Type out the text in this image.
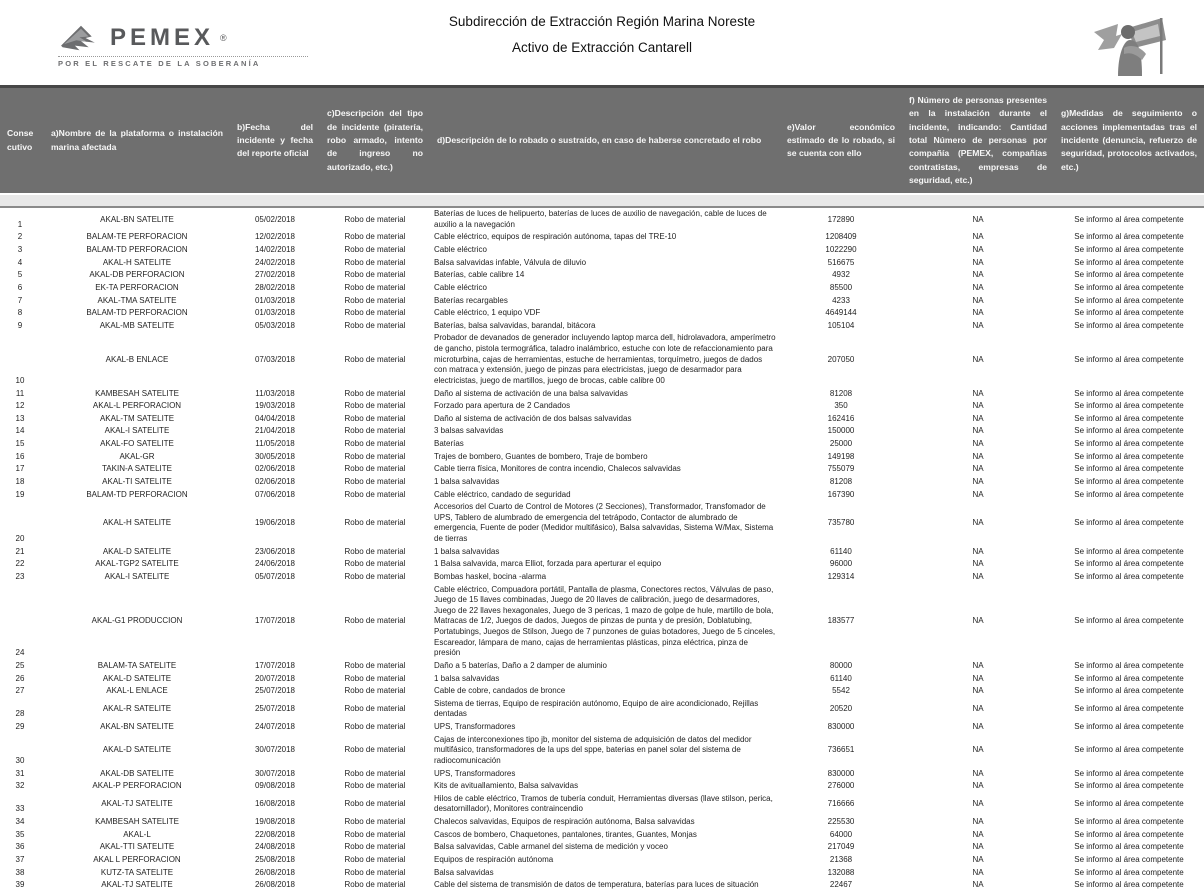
PEMEX ®
POR EL RESCATE DE LA SOBERANÍA
Subdirección de Extracción Región Marina Noreste
Activo de Extracción Cantarell
Consecutivo	a)Nombre de la plataforma o instalación marina afectada	b)Fecha del incidente y fecha del reporte oficial	c)Descripción del tipo de incidente (piratería, robo armado, intento de ingreso no autorizado, etc.)	d)Descripción de lo robado o sustraído, en caso de haberse concretado el robo	e)Valor económico estimado de lo robado, si se cuenta con ello	f) Número de personas presentes en la instalación durante el incidente, indicando: Cantidad total Número de personas por compañía (PEMEX, compañías contratistas, empresas de seguridad, etc.)	g)Medidas de seguimiento o acciones implementadas tras el incidente (denuncia, refuerzo de seguridad, protocolos activados, etc.)

1	AKAL-BN SATELITE	05/02/2018	Robo de material	Baterías de luces de helipuerto, baterías de luces de auxilio de navegación, cable de luces de auxilio a la navegación	172890	NA	Se informo al área competente
2	BALAM-TE PERFORACION	12/02/2018	Robo de material	Cable eléctrico, equipos de respiración autónoma, tapas del TRE-10	1208409	NA	Se informo al área competente
3	BALAM-TD PERFORACION	14/02/2018	Robo de material	Cable eléctrico	1022290	NA	Se informo al área competente
4	AKAL-H SATELITE	24/02/2018	Robo de material	Balsa salvavidas infable, Válvula de diluvio	516675	NA	Se informo al área competente
5	AKAL-DB PERFORACION	27/02/2018	Robo de material	Baterías, cable calibre 14	4932	NA	Se informo al área competente
6	EK-TA PERFORACION	28/02/2018	Robo de material	Cable eléctrico	85500	NA	Se informo al área competente
7	AKAL-TMA SATELITE	01/03/2018	Robo de material	Baterías recargables	4233	NA	Se informo al área competente
8	BALAM-TD PERFORACION	01/03/2018	Robo de material	Cable eléctrico, 1 equipo VDF	4649144	NA	Se informo al área competente
9	AKAL-MB SATELITE	05/03/2018	Robo de material	Baterías, balsa salvavidas, barandal, bitácora	105104	NA	Se informo al área competente
10	AKAL-B ENLACE	07/03/2018	Robo de material	Probador de devanados de generador incluyendo laptop marca dell, hidrolavadora, amperímetro de gancho, pistola termográfica, taladro inalámbrico, estuche con lote de refaccionamiento para microturbina, cajas de herramientas, estuche de herramientas, torquímetro, juegos de dados con matraca y extensión, juego de pinzas para electricistas, juego de desarmador para electricistas, juego de martillos, juego de brocas, cable calibre 00	207050	NA	Se informo al área competente
11	KAMBESAH SATELITE	11/03/2018	Robo de material	Daño al sistema de activación de una balsa salvavidas	81208	NA	Se informo al área competente
12	AKAL-L PERFORACION	19/03/2018	Robo de material	Forzado para apertura de 2 Candados	350	NA	Se informo al área competente
13	AKAL-TM SATELITE	04/04/2018	Robo de material	Daño al sistema de activación de dos balsas salvavidas	162416	NA	Se informo al área competente
14	AKAL-I SATELITE	21/04/2018	Robo de material	3 balsas salvavidas	150000	NA	Se informo al área competente
15	AKAL-FO SATELITE	11/05/2018	Robo de material	Baterías	25000	NA	Se informo al área competente
16	AKAL-GR	30/05/2018	Robo de material	Trajes de bombero, Guantes de bombero, Traje de bombero	149198	NA	Se informo al área competente
17	TAKIN-A SATELITE	02/06/2018	Robo de material	Cable tierra física, Monitores de contra incendio, Chalecos salvavidas	755079	NA	Se informo al área competente
18	AKAL-TI SATELITE	02/06/2018	Robo de material	1 balsa salvavidas	81208	NA	Se informo al área competente
19	BALAM-TD PERFORACION	07/06/2018	Robo de material	Cable eléctrico, candado de seguridad	167390	NA	Se informo al área competente
20	AKAL-H SATELITE	19/06/2018	Robo de material	Accesorios del Cuarto de Control de Motores (2 Secciones), Transformador, Transfomador de UPS, Tablero de alumbrado de emergencia del tetrápodo, Contactor de alumbrado de emergencia, Fuente de poder (Medidor multifásico), Balsa salvavidas, Sistema W/Max, Sistema de tierras	735780	NA	Se informo al área competente
21	AKAL-D SATELITE	23/06/2018	Robo de material	1 balsa salvavidas	61140	NA	Se informo al área competente
22	AKAL-TGP2 SATELITE	24/06/2018	Robo de material	1 Balsa salvavida, marca Elliot, forzada para aperturar el equipo	96000	NA	Se informo al área competente
23	AKAL-I SATELITE	05/07/2018	Robo de material	Bombas haskel, bocina -alarma	129314	NA	Se informo al área competente
24	AKAL-G1 PRODUCCION	17/07/2018	Robo de material	Cable eléctrico, Compuadora portátil, Pantalla de plasma, Conectores rectos, Válvulas de paso, Juego de 15 llaves combinadas, Juego de 20 llaves de calibración, juego de desarmadores, Juego de 22 llaves hexagonales, Juego de 3 pericas, 1 mazo de golpe de hule, martillo de bola, Matracas de 1/2, Juegos de dados, Juegos de pinzas de punta y de presión, Doblatubing, Portatubings, Juegos de Stilson, Juego de 7 punzones de guias botadores, Juego de 5 cinceles, Escareador, lámpara de mano, cajas de herramientas plásticas, pinza eléctrica, pinza de presión	183577	NA	Se informo al área competente
25	BALAM-TA SATELITE	17/07/2018	Robo de material	Daño a 5 baterías, Daño a 2 damper de aluminio	80000	NA	Se informo al área competente
26	AKAL-D SATELITE	20/07/2018	Robo de material	1 balsa salvavidas	61140	NA	Se informo al área competente
27	AKAL-L ENLACE	25/07/2018	Robo de material	Cable de cobre, candados de bronce	5542	NA	Se informo al área competente
28	AKAL-R SATELITE	25/07/2018	Robo de material	Sistema de tierras, Equipo de respiración autónomo, Equipo de aire acondicionado, Rejillas dentadas	20520	NA	Se informo al área competente
29	AKAL-BN SATELITE	24/07/2018	Robo de material	UPS, Transformadores	830000	NA	Se informo al área competente
30	AKAL-D SATELITE	30/07/2018	Robo de material	Cajas de interconexiones tipo jb, monitor del sistema de adquisición de datos del medidor multifásico, transformadores de la ups del sppe, baterias en panel solar del sistema de radiocomunicación	736651	NA	Se informo al área competente
31	AKAL-DB SATELITE	30/07/2018	Robo de material	UPS, Transformadores	830000	NA	Se informo al área competente
32	AKAL-P PERFORACION	09/08/2018	Robo de material	Kits de avituallamiento, Balsa salvavidas	276000	NA	Se informo al área competente
33	AKAL-TJ SATELITE	16/08/2018	Robo de material	Hilos de cable eléctrico, Tramos de tubería conduit, Herramientas diversas (llave stilson, perica, desatornillador), Monitores contraincendio	716666	NA	Se informo al área competente
34	KAMBESAH SATELITE	19/08/2018	Robo de material	Chalecos salvavidas, Equipos de respiración autónoma, Balsa salvavidas	225530	NA	Se informo al área competente
35	AKAL-L	22/08/2018	Robo de material	Cascos de bombero, Chaquetones, pantalones, tirantes, Guantes, Monjas	64000	NA	Se informo al área competente
36	AKAL-TTI SATELITE	24/08/2018	Robo de material	Balsa salvavidas, Cable armanel del sistema de medición y voceo	217049	NA	Se informo al área competente
37	AKAL L PERFORACION	25/08/2018	Robo de material	Equipos de respiración autónoma	21368	NA	Se informo al área competente
38	KUTZ-TA SATELITE	26/08/2018	Robo de material	Balsa salvavidas	132088	NA	Se informo al área competente
39	AKAL-TJ SATELITE	26/08/2018	Robo de material	Cable del sistema de transmisión de datos de temperatura, baterías para luces de situación	22467	NA	Se informo al área competente
